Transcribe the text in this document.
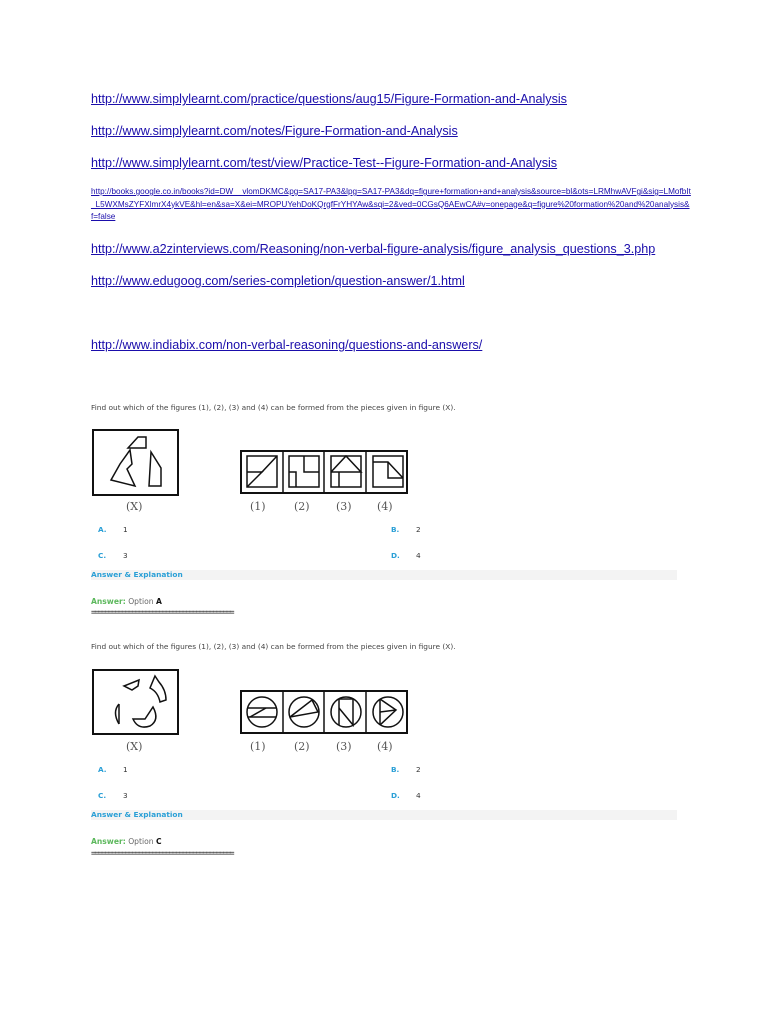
http://www.simplylearnt.com/practice/questions/aug15/Figure-Formation-and-Analysis
http://www.simplylearnt.com/notes/Figure-Formation-and-Analysis
http://www.simplylearnt.com/test/view/Practice-Test--Figure-Formation-and-Analysis
http://books.google.co.in/books?id=DW__vlomDKMC&pg=SA17-PA3&lpg=SA17-PA3&dq=figure+formation+and+analysis&source=bl&ots=LRMhwAVFgi&sig=LMofbIt_L5WXMsZYFXlmrX4ykVE&hl=en&sa=X&ei=MROPUYehDoKQrgfFrYHYAw&sqi=2&ved=0CGsQ6AEwCA#v=onepage&q=figure%20formation%20and%20analysis&f=false
http://www.a2zinterviews.com/Reasoning/non-verbal-figure-analysis/figure_analysis_questions_3.php
http://www.edugoog.com/series-completion/question-answer/1.html
http://www.indiabix.com/non-verbal-reasoning/questions-and-answers/
Find out which of the figures (1), (2), (3) and (4) can be formed from the pieces given in figure (X).
(X)	(1)	(2) (3) (4)
A. 1	B. 2
C. 3	D. 4
Answer & Explanation
Answer: Option A
==========================================
Find out which of the figures (1), (2), (3) and (4) can be formed from the pieces given in figure (X).
(X)	(1)	(2) (3) (4)
A. 1	B. 2
C. 3	D. 4
Answer & Explanation
Answer: Option C
==========================================
